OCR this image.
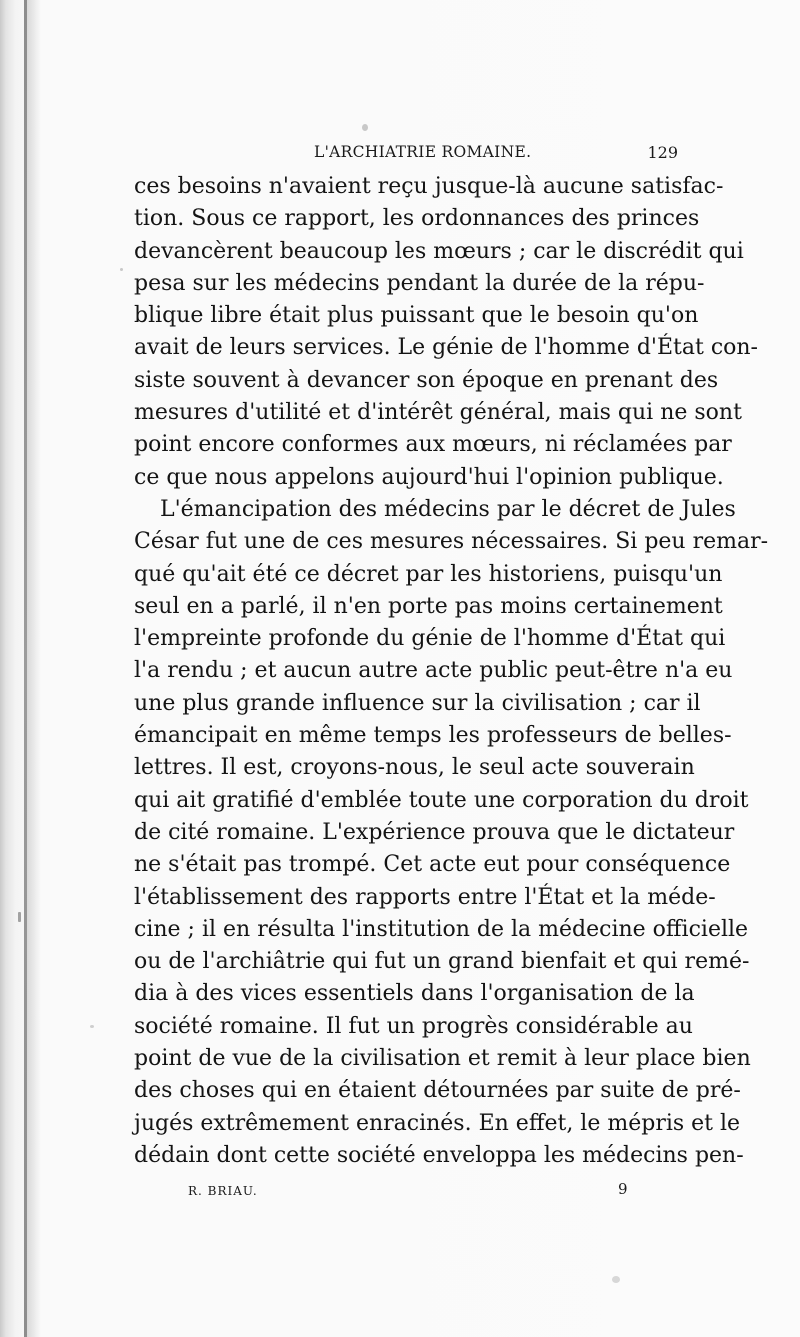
L'ARCHIATRIE ROMAINE.	129
ces besoins n'avaient reçu jusque-là aucune satisfac-
tion. Sous ce rapport, les ordonnances des princes
devancèrent beaucoup les mœurs ; car le discrédit qui
pesa sur les médecins pendant la durée de la répu-
blique libre était plus puissant que le besoin qu'on
avait de leurs services. Le génie de l'homme d'État con-
siste souvent à devancer son époque en prenant des
mesures d'utilité et d'intérêt général, mais qui ne sont
point encore conformes aux mœurs, ni réclamées par
ce que nous appelons aujourd'hui l'opinion publique.
L'émancipation des médecins par le décret de Jules
César fut une de ces mesures nécessaires. Si peu remar-
qué qu'ait été ce décret par les historiens, puisqu'un
seul en a parlé, il n'en porte pas moins certainement
l'empreinte profonde du génie de l'homme d'État qui
l'a rendu ; et aucun autre acte public peut-être n'a eu
une plus grande influence sur la civilisation ; car il
émancipait en même temps les professeurs de belles-
lettres. Il est, croyons-nous, le seul acte souverain
qui ait gratifié d'emblée toute une corporation du droit
de cité romaine. L'expérience prouva que le dictateur
ne s'était pas trompé. Cet acte eut pour conséquence
l'établissement des rapports entre l'État et la méde-
cine ; il en résulta l'institution de la médecine officielle
ou de l'archiâtrie qui fut un grand bienfait et qui remé-
dia à des vices essentiels dans l'organisation de la
société romaine. Il fut un progrès considérable au
point de vue de la civilisation et remit à leur place bien
des choses qui en étaient détournées par suite de pré-
jugés extrêmement enracinés. En effet, le mépris et le
dédain dont cette société enveloppa les médecins pen-
R. BRIAU.	9
